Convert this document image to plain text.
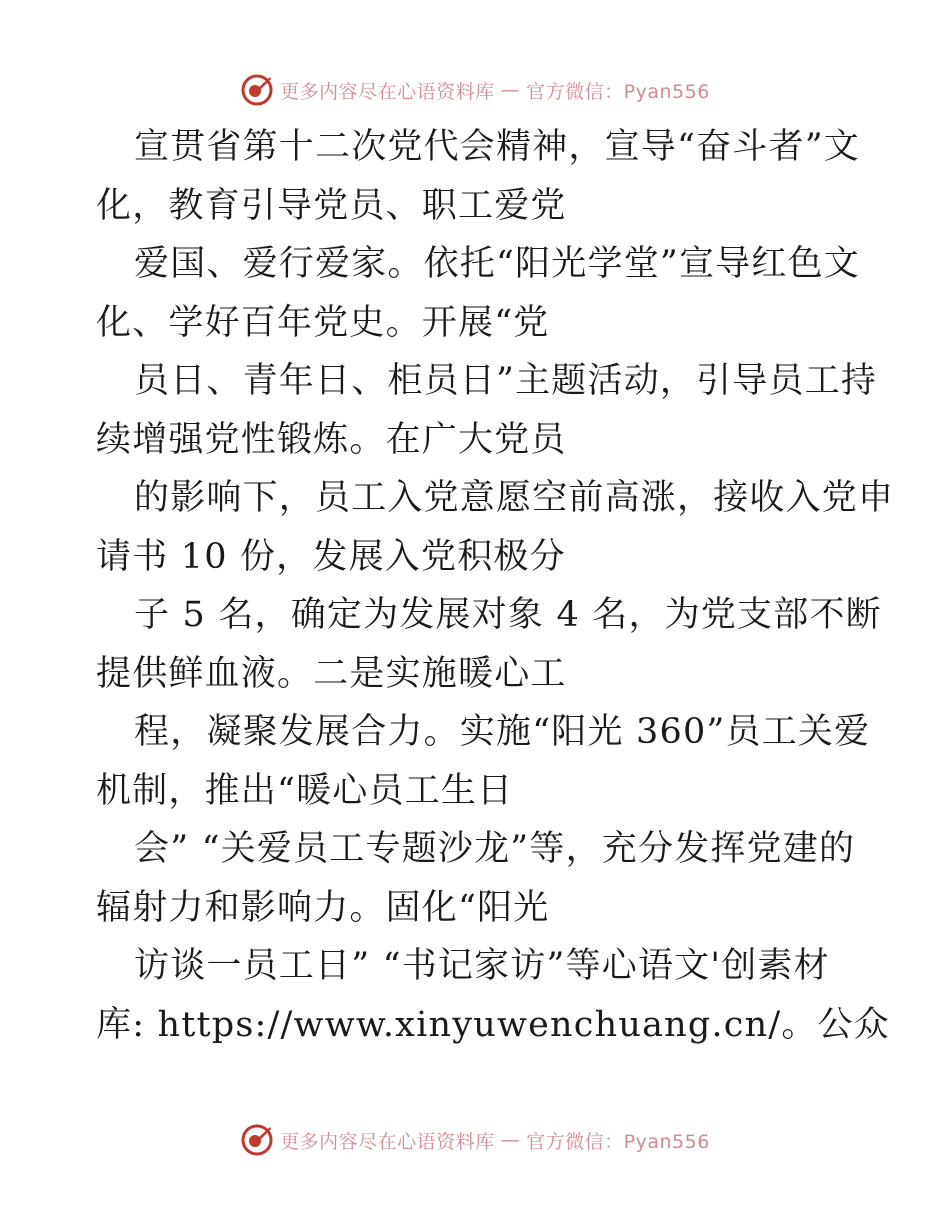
更多内容尽在心语资料库 — 官方微信：Pyan556
宣贯省第十二次党代会精神，宣导“奋斗者”文
化，教育引导党员、职工爱党
爱国、爱行爱家。依托“阳光学堂”宣导红色文
化、学好百年党史。开展“党
员日、青年日、柜员日”主题活动，引导员工持
续增强党性锻炼。在广大党员
的影响下，员工入党意愿空前高涨，接收入党申
请书 10 份，发展入党积极分
子 5 名，确定为发展对象 4 名，为党支部不断
提供鲜血液。二是实施暖心工
程，凝聚发展合力。实施“阳光 360”员工关爱
机制，推出“暖心员工生日
会” “关爱员工专题沙龙”等，充分发挥党建的
辐射力和影响力。固化“阳光
访谈一员工日” “书记家访”等心语文'创素材
库: https://www.xinyuwenchuang.cn/。公众
更多内容尽在心语资料库 — 官方微信：Pyan556
